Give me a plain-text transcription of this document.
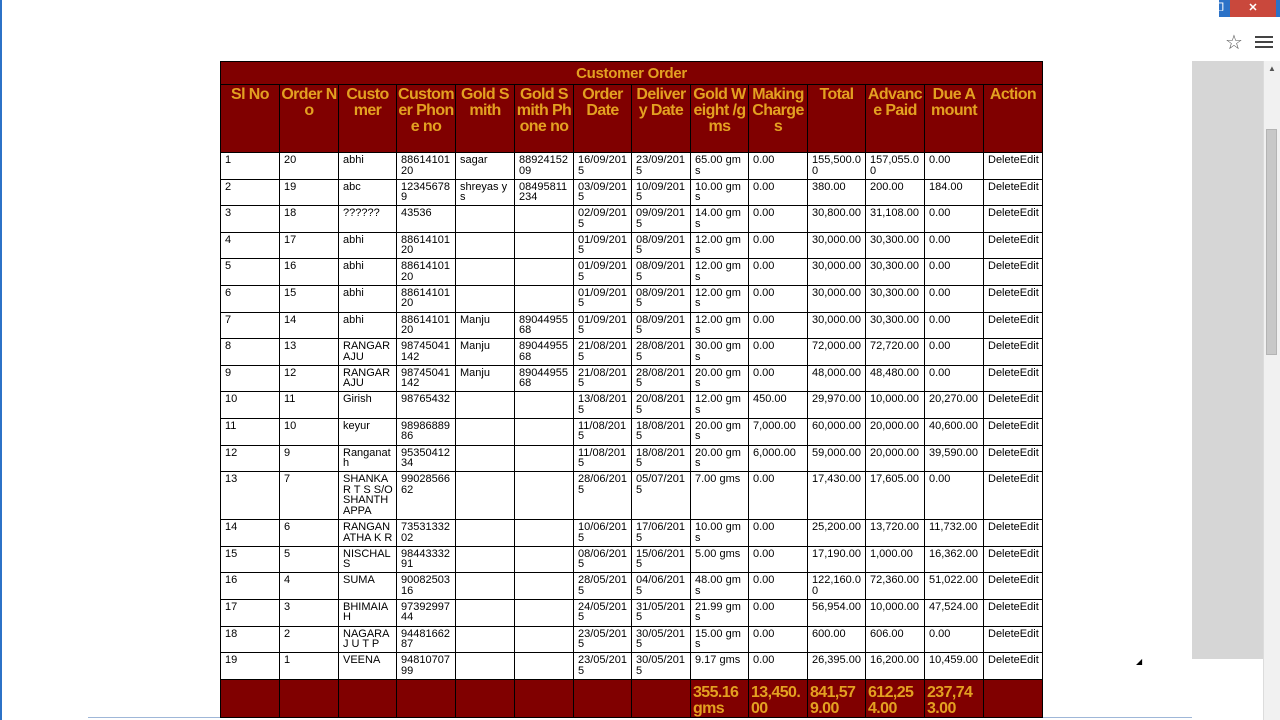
❐	✕
☆
▲
◢
Customer Order													
Sl No	Order No	Customer	Customer Phone no	Gold Smith	Gold Smith Phone no	Order Date	Delivery Date	Gold Weight /gms	Making Charges	Total	Advance Paid	Due Amount	Action
1	20	abhi	8861410120	sagar	8892415209	16/09/2015	23/09/2015	65.00 gms	0.00	155,500.00	157,055.00	0.00	DeleteEdit
2	19	abc	123456789	shreyas ys	08495811234	03/09/2015	10/09/2015	10.00 gms	0.00	380.00	200.00	184.00	DeleteEdit
3	18	??????	43536			02/09/2015	09/09/2015	14.00 gms	0.00	30,800.00	31,108.00	0.00	DeleteEdit
4	17	abhi	8861410120			01/09/2015	08/09/2015	12.00 gms	0.00	30,000.00	30,300.00	0.00	DeleteEdit
5	16	abhi	8861410120			01/09/2015	08/09/2015	12.00 gms	0.00	30,000.00	30,300.00	0.00	DeleteEdit
6	15	abhi	8861410120			01/09/2015	08/09/2015	12.00 gms	0.00	30,000.00	30,300.00	0.00	DeleteEdit
7	14	abhi	8861410120	Manju	8904495568	01/09/2015	08/09/2015	12.00 gms	0.00	30,000.00	30,300.00	0.00	DeleteEdit
8	13	RANGARAJU	98745041142	Manju	8904495568	21/08/2015	28/08/2015	30.00 gms	0.00	72,000.00	72,720.00	0.00	DeleteEdit
9	12	RANGARAJU	98745041142	Manju	8904495568	21/08/2015	28/08/2015	20.00 gms	0.00	48,000.00	48,480.00	0.00	DeleteEdit
10	11	Girish	98765432			13/08/2015	20/08/2015	12.00 gms	450.00	29,970.00	10,000.00	20,270.00	DeleteEdit
11	10	keyur	9898688986			11/08/2015	18/08/2015	20.00 gms	7,000.00	60,000.00	20,000.00	40,600.00	DeleteEdit
12	9	Ranganath	9535041234			11/08/2015	18/08/2015	20.00 gms	6,000.00	59,000.00	20,000.00	39,590.00	DeleteEdit
13	7	SHANKAR T S S/O SHANTHAPPA	9902856662			28/06/2015	05/07/2015	7.00 gms	0.00	17,430.00	17,605.00	0.00	DeleteEdit
14	6	RANGANATHA K R	7353133202			10/06/2015	17/06/2015	10.00 gms	0.00	25,200.00	13,720.00	11,732.00	DeleteEdit
15	5	NISCHAL S	9844333291			08/06/2015	15/06/2015	5.00 gms	0.00	17,190.00	1,000.00	16,362.00	DeleteEdit
16	4	SUMA	9008250316			28/05/2015	04/06/2015	48.00 gms	0.00	122,160.00	72,360.00	51,022.00	DeleteEdit
17	3	BHIMAIAH	9739299744			24/05/2015	31/05/2015	21.99 gms	0.00	56,954.00	10,000.00	47,524.00	DeleteEdit
18	2	NAGARAJ U T P	9448166287			23/05/2015	30/05/2015	15.00 gms	0.00	600.00	606.00	0.00	DeleteEdit
19	1	VEENA	9481070799			23/05/2015	30/05/2015	9.17 gms	0.00	26,395.00	16,200.00	10,459.00	DeleteEdit
								355.16 gms	13,450.00	841,579.00	612,254.00	237,743.00	
